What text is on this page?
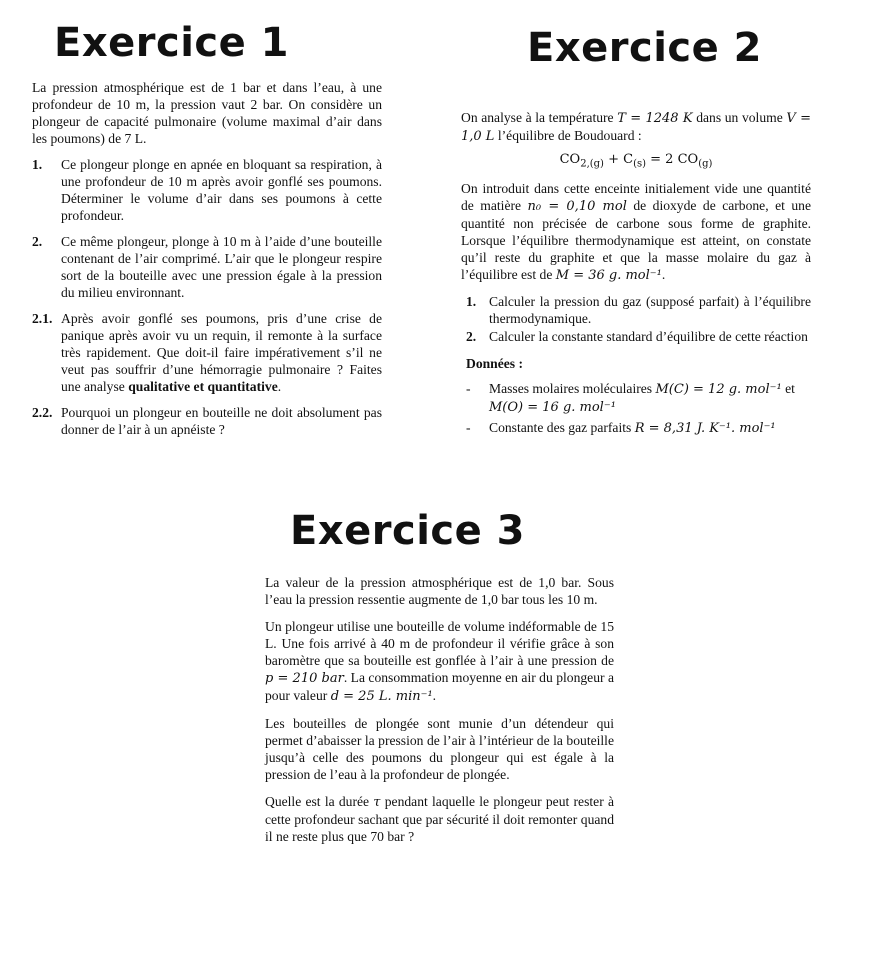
Exercice 1

La pression atmosphérique est de 1 bar et dans l’eau, à une profondeur de 10 m, la pression vaut 2 bar. On considère un plongeur de capacité pulmonaire (volume maximal d’air dans les poumons) de 7 L.

1.	Ce plongeur plonge en apnée en bloquant sa respiration, à une profondeur de 10 m après avoir gonflé ses poumons. Déterminer le volume d’air dans ses poumons à cette profondeur.
2.	Ce même plongeur, plonge à 10 m à l’aide d’une bouteille contenant de l’air comprimé. L’air que le plongeur respire sort de la bouteille avec une pression égale à la pression du milieu environnant.
2.1. Après avoir gonflé ses poumons, pris d’une crise de panique après avoir vu un requin, il remonte à la surface très rapidement. Que doit-il faire impérativement s’il ne veut pas souffrir d’une hémorragie pulmonaire ? Faites une analyse qualitative et quantitative.
2.2. Pourquoi un plongeur en bouteille ne doit absolument pas donner de l’air à un apnéiste ?
Exercice 2

On analyse à la température T = 1248 K dans un volume V = 1,0 L l’équilibre de Boudouard :

$CO_{2,(g)} + C_{(s)} = 2$ $CO_{(g)}$

On introduit dans cette enceinte initialement vide une quantité de matière n₀ = 0,10 mol de dioxyde de carbone, et une quantité non précisée de carbone sous forme de graphite. Lorsque l’équilibre thermodynamique est atteint, on constate qu’il reste du graphite et que la masse molaire du gaz à l’équilibre est de M = 36 g. mol⁻¹.

1. Calculer la pression du gaz (supposé parfait) à l’équilibre thermodynamique.
2. Calculer la constante standard d’équilibre de cette réaction
Données :
-	Masses molaires moléculaires M(C) = 12 g. mol⁻¹ et M(O) = 16 g. mol⁻¹
-	Constante des gaz parfaits R = 8,31 J. K⁻¹. mol⁻¹
Exercice 3

La valeur de la pression atmosphérique est de 1,0 bar. Sous l’eau la pression ressentie augmente de 1,0 bar tous les 10 m.

Un plongeur utilise une bouteille de volume indéformable de 15 L. Une fois arrivé à 40 m de profondeur il vérifie grâce à son baromètre que sa bouteille est gonflée à l’air à une pression de p = 210 bar. La consommation moyenne en air du plongeur a pour valeur d = 25 L. min⁻¹.

Les bouteilles de plongée sont munie d’un détendeur qui permet d’abaisser la pression de l’air à l’intérieur de la bouteille jusqu’à celle des poumons du plongeur qui est égale à la pression de l’eau à la profondeur de plongée.

Quelle est la durée τ pendant laquelle le plongeur peut rester à cette profondeur sachant que par sécurité il doit remonter quand il ne reste plus que 70 bar ?
